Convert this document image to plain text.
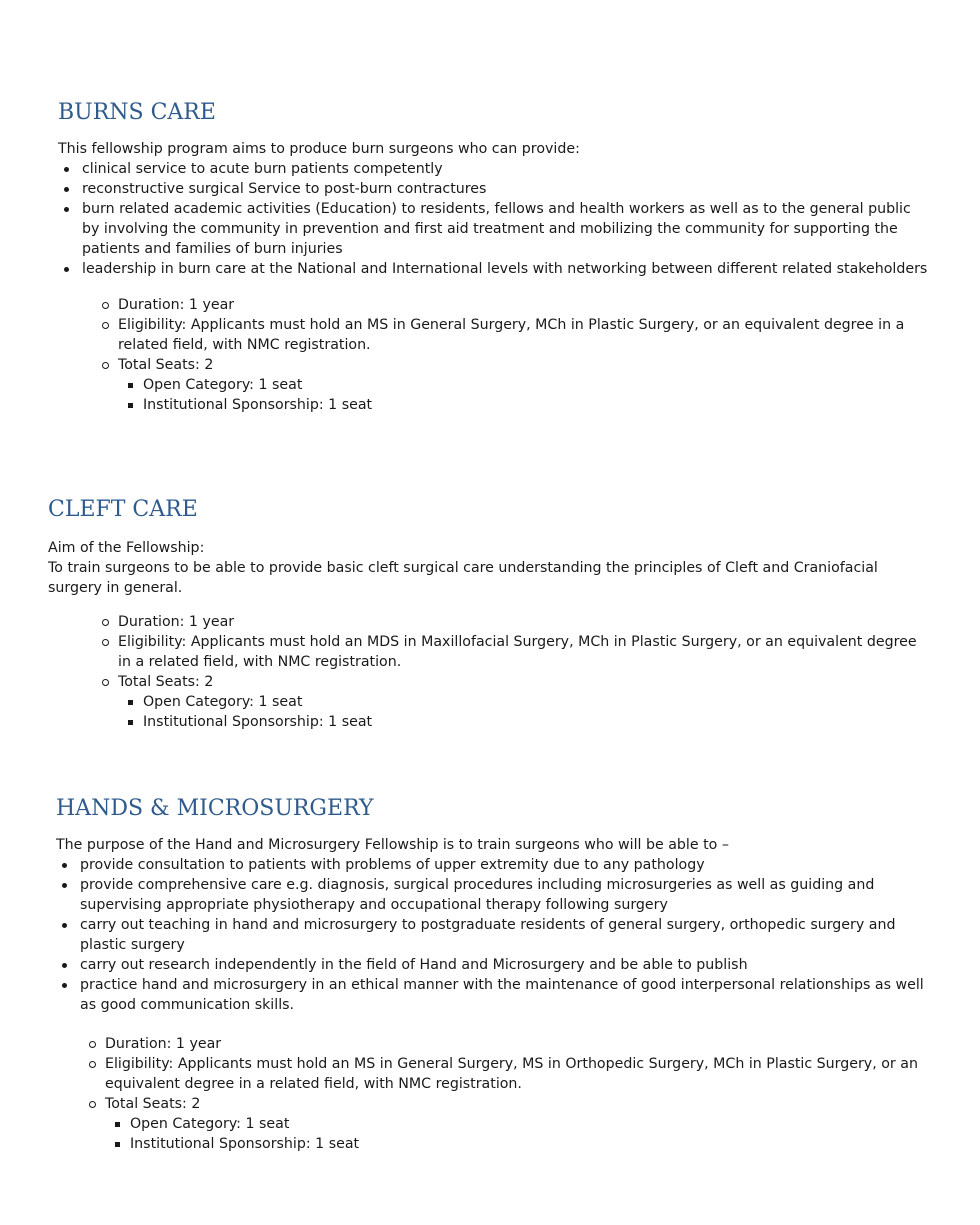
BURNS CARE

This fellowship program aims to produce burn surgeons who can provide:

clinical service to acute burn patients competently
reconstructive surgical Service to post-burn contractures
burn related academic activities (Education) to residents, fellows and health workers as well as to the general public by involving the community in prevention and first aid treatment and mobilizing the community for supporting the patients and families of burn injuries
leadership in burn care at the National and International levels with networking between different related stakeholders
Duration: 1 year
Eligibility: Applicants must hold an MS in General Surgery, MCh in Plastic Surgery, or an equivalent degree in a related field, with NMC registration.
Total Seats: 2
Open Category: 1 seat
Institutional Sponsorship: 1 seat
CLEFT CARE

Aim of the Fellowship:

To train surgeons to be able to provide basic cleft surgical care understanding the principles of Cleft and Craniofacial surgery in general.

Duration: 1 year
Eligibility: Applicants must hold an MDS in Maxillofacial Surgery, MCh in Plastic Surgery, or an equivalent degree in a related field, with NMC registration.
Total Seats: 2
Open Category: 1 seat
Institutional Sponsorship: 1 seat
HANDS & MICROSURGERY

The purpose of the Hand and Microsurgery Fellowship is to train surgeons who will be able to –

provide consultation to patients with problems of upper extremity due to any pathology
provide comprehensive care e.g. diagnosis, surgical procedures including microsurgeries as well as guiding and supervising appropriate physiotherapy and occupational therapy following surgery
carry out teaching in hand and microsurgery to postgraduate residents of general surgery, orthopedic surgery and plastic surgery
carry out research independently in the field of Hand and Microsurgery and be able to publish
practice hand and microsurgery in an ethical manner with the maintenance of good interpersonal relationships as well as good communication skills.
Duration: 1 year
Eligibility: Applicants must hold an MS in General Surgery, MS in Orthopedic Surgery, MCh in Plastic Surgery, or an equivalent degree in a related field, with NMC registration.
Total Seats: 2
Open Category: 1 seat
Institutional Sponsorship: 1 seat
